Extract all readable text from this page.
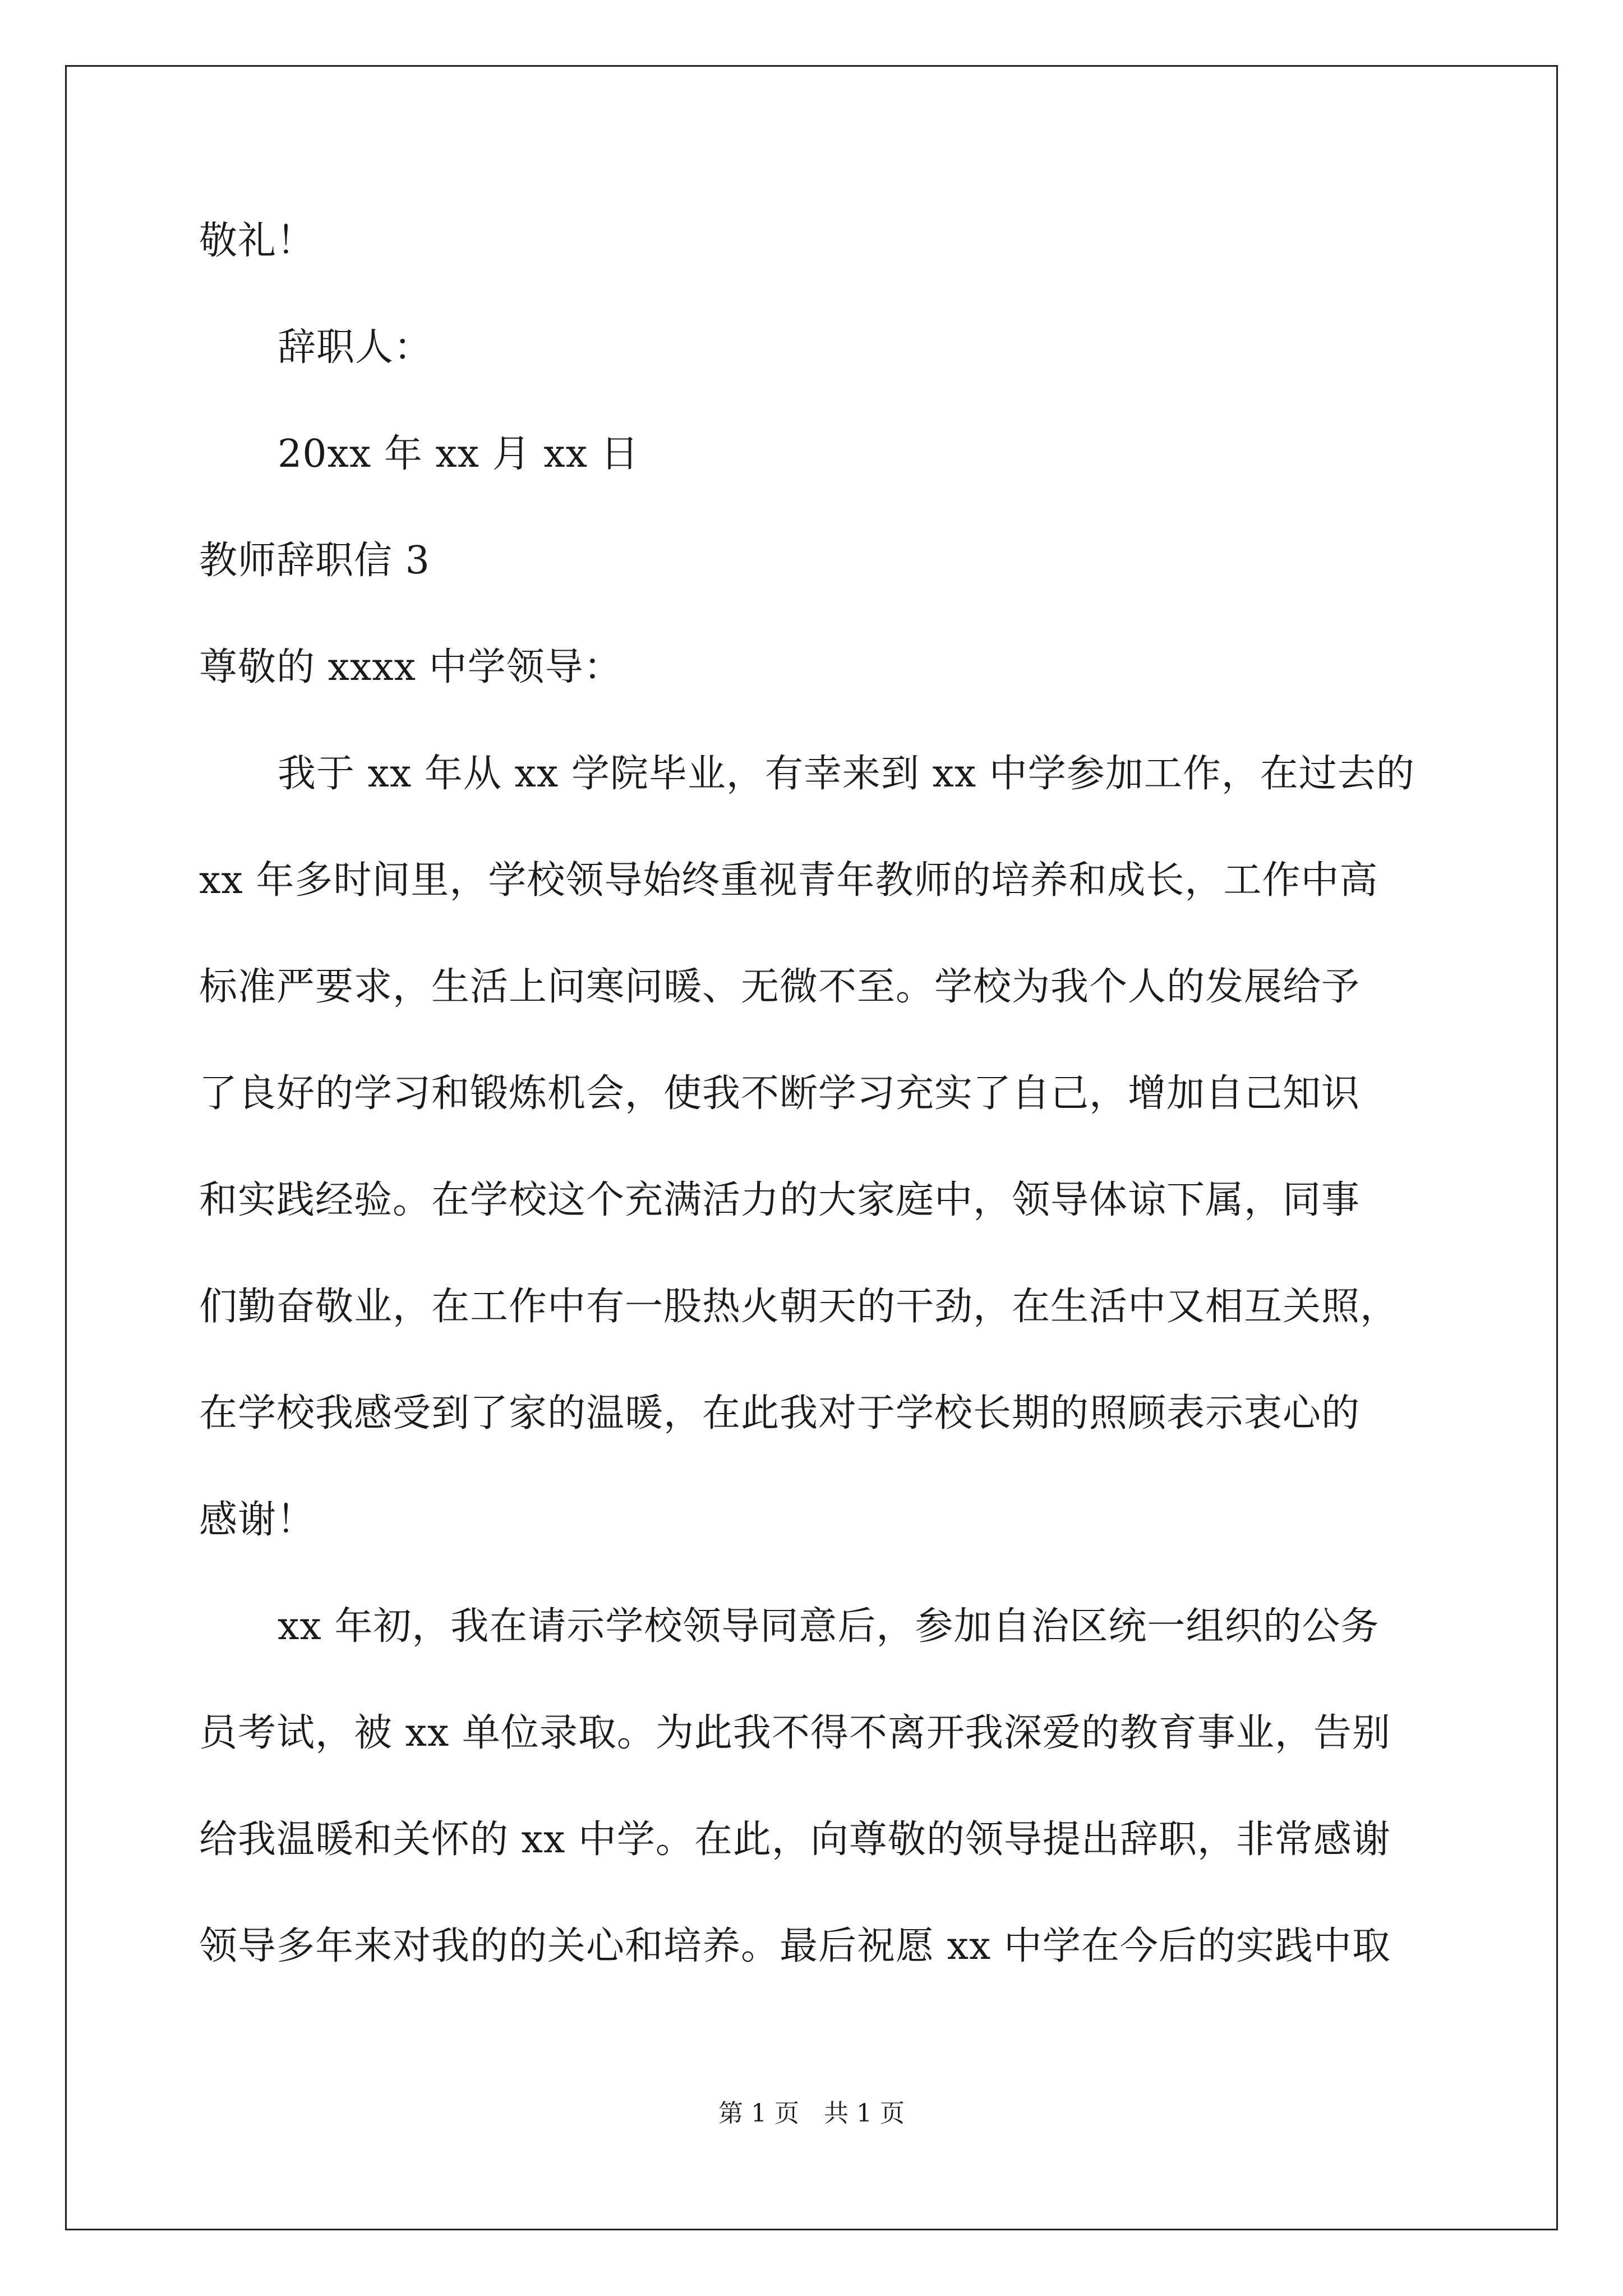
敬礼！
辞职人：
20xx 年 xx 月 xx 日
教师辞职信 3
尊敬的 xxxx 中学领导：
我于 xx 年从 xx 学院毕业，有幸来到 xx 中学参加工作，在过去的
xx 年多时间里，学校领导始终重视青年教师的培养和成长，工作中高
标准严要求，生活上问寒问暖、无微不至。学校为我个人的发展给予
了良好的学习和锻炼机会，使我不断学习充实了自己，增加自己知识
和实践经验。在学校这个充满活力的大家庭中，领导体谅下属，同事
们勤奋敬业，在工作中有一股热火朝天的干劲，在生活中又相互关照，
在学校我感受到了家的温暖，在此我对于学校长期的照顾表示衷心的
感谢！
xx 年初，我在请示学校领导同意后，参加自治区统一组织的公务
员考试，被 xx 单位录取。为此我不得不离开我深爱的教育事业，告别
给我温暖和关怀的 xx 中学。在此，向尊敬的领导提出辞职，非常感谢
领导多年来对我的的关心和培养。最后祝愿 xx 中学在今后的实践中取
第 1 页　共 1 页
